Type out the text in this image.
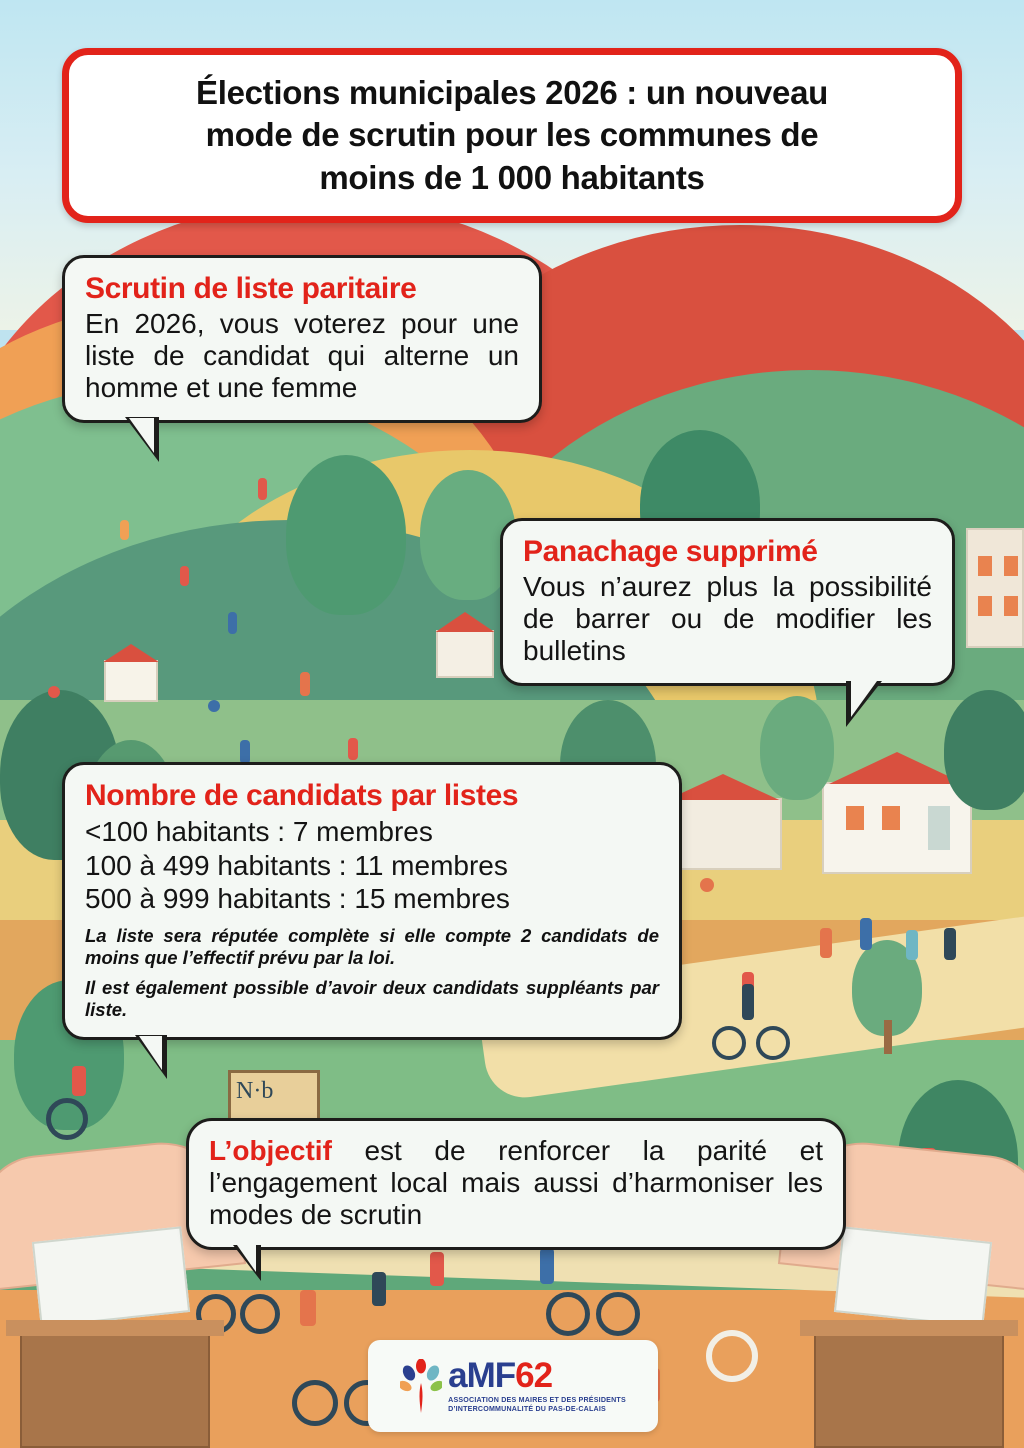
N·b
Élections municipales 2026 : un nouveau
mode de scrutin pour les communes de
moins de 1 000 habitants
Scrutin de liste paritaire

En 2026, vous voterez pour une liste de candidat qui alterne un homme et une femme

Panachage supprimé

Vous n’aurez plus la possibilité de barrer ou de modifier les bulletins

Nombre de candidats par listes

<100 habitants : 7 membres

100 à 499 habitants : 11 membres

500 à 999 habitants : 15 membres

La liste sera réputée complète si elle compte 2 candidats de moins que l’effectif prévu par la loi.

Il est également possible d’avoir deux candidats suppléants par liste.

L’objectif est de renforcer la parité et l’engagement local mais aussi d’harmoniser les modes de scrutin

aMF62
ASSOCIATION DES MAIRES ET DES PRÉSIDENTS
D’INTERCOMMUNALITÉ DU PAS-DE-CALAIS
